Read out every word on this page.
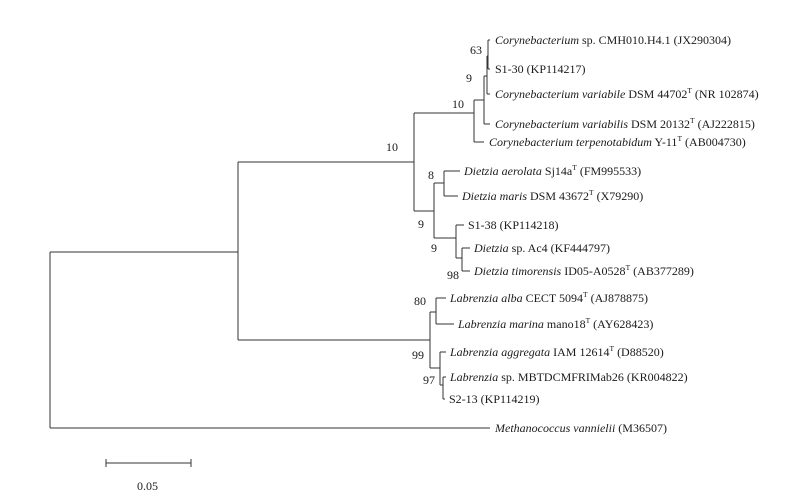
63
9
10
10
8
9
9
98
80
99
97
Corynebacterium sp. CMH010.H4.1 (JX290304)
S1-30 (KP114217)
Corynebacterium variabile DSM $44702^T$ (NR 102874)
Corynebacterium variabilis DSM $20132^T$ (AJ222815)
Corynebacterium terpenotabidum $Y-11^T$ (AB004730)
Dietzia aerolata $Sj14a^T$ (FM995533)
Dietzia maris DSM $43672^T$ (X79290)
S1-38 (KP114218)
Dietzia sp. Ac4 (KF444797)
Dietzia timorensis $ID05-A0528^T$ (AB377289)
Labrenzia alba CECT $5094^T$ (AJ878875)
Labrenzia marina $mano18^T$ (AY628423)
Labrenzia aggregata IAM $12614^T$ (D88520)
Labrenzia sp. MBTDCMFRIMab26 (KR004822)
S2-13 (KP114219)
Methanococcus vannielii (M36507)
0.05
